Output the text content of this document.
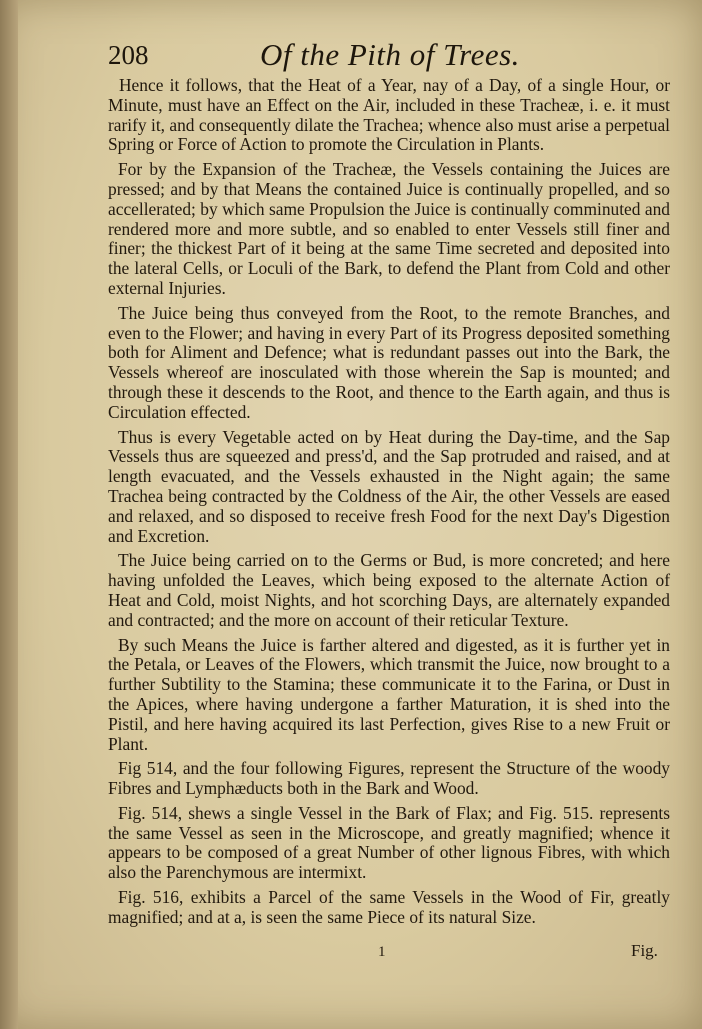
208	Of the Pith of Trees.

Hence it follows, that the Heat of a Year, nay of a Day, of a single Hour, or Minute, must have an Effect on the Air, included in these Tracheæ, i. e. it must rarify it, and consequently dilate the Trachea; whence also must arise a perpetual Spring or Force of Action to promote the Circulation in Plants.

For by the Expansion of the Tracheæ, the Vessels containing the Juices are pressed; and by that Means the contained Juice is continually propelled, and so accellerated; by which same Propulsion the Juice is continually comminuted and rendered more and more subtle, and so enabled to enter Vessels still finer and finer; the thickest Part of it being at the same Time secreted and deposited into the lateral Cells, or Loculi of the Bark, to defend the Plant from Cold and other external Injuries.

The Juice being thus conveyed from the Root, to the remote Branches, and even to the Flower; and having in every Part of its Progress deposited something both for Aliment and Defence; what is redundant passes out into the Bark, the Vessels whereof are inosculated with those wherein the Sap is mounted; and through these it descends to the Root, and thence to the Earth again, and thus is Circulation effected.

Thus is every Vegetable acted on by Heat during the Day-time, and the Sap Vessels thus are squeezed and press'd, and the Sap protruded and raised, and at length evacuated, and the Vessels exhausted in the Night again; the same Trachea being contracted by the Coldness of the Air, the other Vessels are eased and relaxed, and so disposed to receive fresh Food for the next Day's Digestion and Excretion.

The Juice being carried on to the Germs or Bud, is more concreted; and here having unfolded the Leaves, which being exposed to the alternate Action of Heat and Cold, moist Nights, and hot scorching Days, are alternately expanded and contracted; and the more on account of their reticular Texture.

By such Means the Juice is farther altered and digested, as it is further yet in the Petala, or Leaves of the Flowers, which transmit the Juice, now brought to a further Subtility to the Stamina; these communicate it to the Farina, or Dust in the Apices, where having undergone a farther Maturation, it is shed into the Pistil, and here having acquired its last Perfection, gives Rise to a new Fruit or Plant.

Fig 514, and the four following Figures, represent the Structure of the woody Fibres and Lymphæducts both in the Bark and Wood.

Fig. 514, shews a single Vessel in the Bark of Flax; and Fig. 515. represents the same Vessel as seen in the Microscope, and greatly magnified; whence it appears to be composed of a great Number of other lignous Fibres, with which also the Parenchymous are intermixt.

Fig. 516, exhibits a Parcel of the same Vessels in the Wood of Fir, greatly magnified; and at a, is seen the same Piece of its natural Size.

1	Fig.
